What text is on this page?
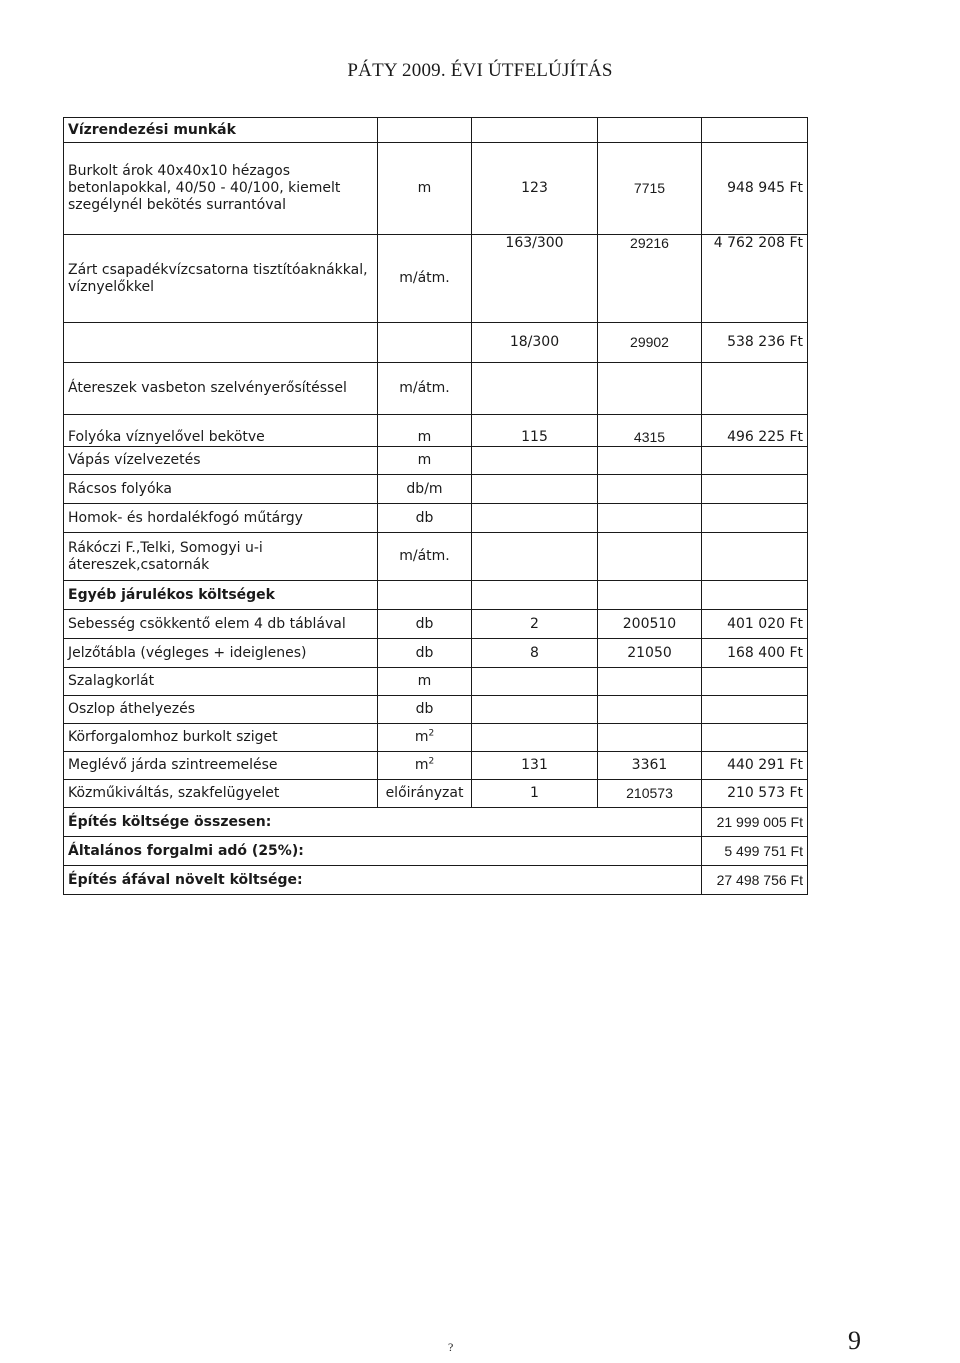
PÁTY 2009. ÉVI ÚTFELÚJÍTÁS
Vízrendezési munkák				
Burkolt árok 40x40x10 hézagos betonlapokkal, 40/50 - 40/100, kiemelt szegélynél bekötés surrantóval	m	123	7715	948 945 Ft
Zárt csapadékvízcsatorna tisztítóaknákkal, víznyelőkkel	m/átm.	163/300	29216	4 762 208 Ft
		18/300	29902	538 236 Ft
Átereszek vasbeton szelvényerősítéssel	m/átm.			
Folyóka víznyelővel bekötve	m	115	4315	496 225 Ft
Vápás vízelvezetés	m			
Rácsos folyóka	db/m			
Homok- és hordalékfogó műtárgy	db			
Rákóczi F.,Telki, Somogyi u-i átereszek,csatornák	m/átm.			
Egyéb járulékos költségek				
Sebesség csökkentő elem 4 db táblával	db	2	200510	401 020 Ft
Jelzőtábla (végleges + ideiglenes)	db	8	21050	168 400 Ft
Szalagkorlát	m			
Oszlop áthelyezés	db			
Körforgalomhoz burkolt sziget	$m^2$			
Meglévő járda szintreemelése	$m^2$	131	3361	440 291 Ft
Közműkiváltás, szakfelügyelet	előirányzat	1	210573	210 573 Ft
Építés költsége összesen:				21 999 005 Ft
Általános forgalmi adó (25%):				5 499 751 Ft
Építés áfával növelt költsége:				27 498 756 Ft
?	9
